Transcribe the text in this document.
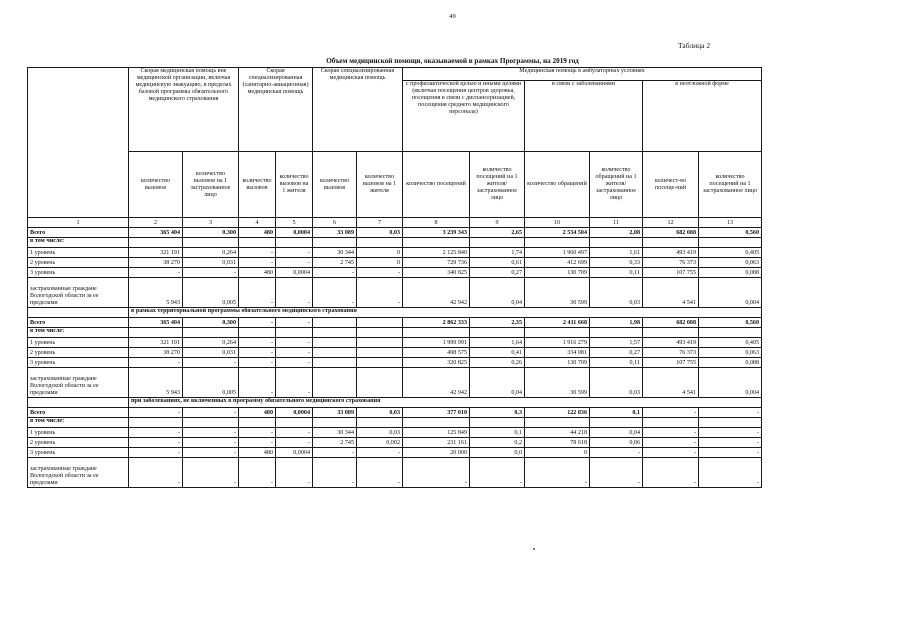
49
Таблица 2
Объем медицинской помощи, оказываемой в рамках Программы, на 2019 год
	Скорая медицинская помощь вне медицинской организации, включая медицинскую эвакуацию, в пределах базовой программы обязательного медицинского страхования		Скорая специализированная (санитарно-авиационная) медицинская помощь		Скорая специализированная медицинская помощь		Медицинская помощь в амбулаторных условиях					
							с профилактической целью и иными целями (включая посещения центров здоровья, посещения в связи с диспансеризацией, посещения среднего медицинского персонала)		в связи с заболеваниями		в неотложной форме	
	количество вызовов	количество вызовов на 1 застрахованное лицо	количество вызовов	количество вызовов на 1 жителя	количество вызовов	количество вызовов на 1 жителя	количество посещений	количество посещений на 1 жителя/ застрахованное лицо	количество обращений	количество обращений на 1 жителя/ застрахованное лицо	количест-во посеще-ний	количество посещений на 1 застрахованное лицо
1	2	3	4	5	6	7	8	9	10	11	12	13
Всего	365 404	0,300	480	0,0004	33 089	0,03	3 239 343	2,65	2 534 504	2,08	682 088	0,560
в том числе:												
1 уровень	321 191	0,264	-	-	30 344	0	2 125 840	1,74	1 960 497	1,61	493 419	0,405
2 уровень	38 270	0,031	-	-	2 745	0	729 736	0,61	412 699	0,33	76 373	0,063
3 уровень	-	-	480	0,0004	-	-	340 825	0,27	130 709	0,11	107 755	0,088
застрахованные граждане Вологодской области за ее пределами	5 943	0,005	-	-	-	-	42 942	0,04	30 599	0,03	4 541	0,004
	в рамках территориальной программы обязательного медицинского страхования											
Всего	365 404	0,300	-	-			2 862 333	2,35	2 411 668	1,98	682 088	0,560
в том числе:												
1 уровень	321 191	0,264	-	-			1 999 991	1,64	1 916 279	1,57	493 419	0,405
2 уровень	38 270	0,031	-	-			498 575	0,41	334 081	0,27	76 373	0,063
3 уровень	-	-	-	-			320 825	0,26	130 709	0,11	107 755	0,088
застрахованные граждане Вологодской области за ее пределами	5 943	0,005	-	-			42 942	0,04	30 599	0,03	4 541	0,004
	при заболеваниях, не включенных в программу обязательного медицинского страхования											
Всего	-	-	480	0,0004	33 089	0,03	377 010	0,3	122 836	0,1	-	-
в том числе:												
1 уровень	-	-	-	-	30 344	0,03	125 849	0,1	44 218	0,04	-	-
2 уровень	-	-	-	-	2 745	0,002	231 161	0,2	78 618	0,06	-	-
3 уровень	-	-	480	0,0004	-	-	20 000	0,0	0	-	-	-
застрахованные граждане Вологодской области за ее пределами	-	-	-	-	-	-	-	-	-	-	-	-
